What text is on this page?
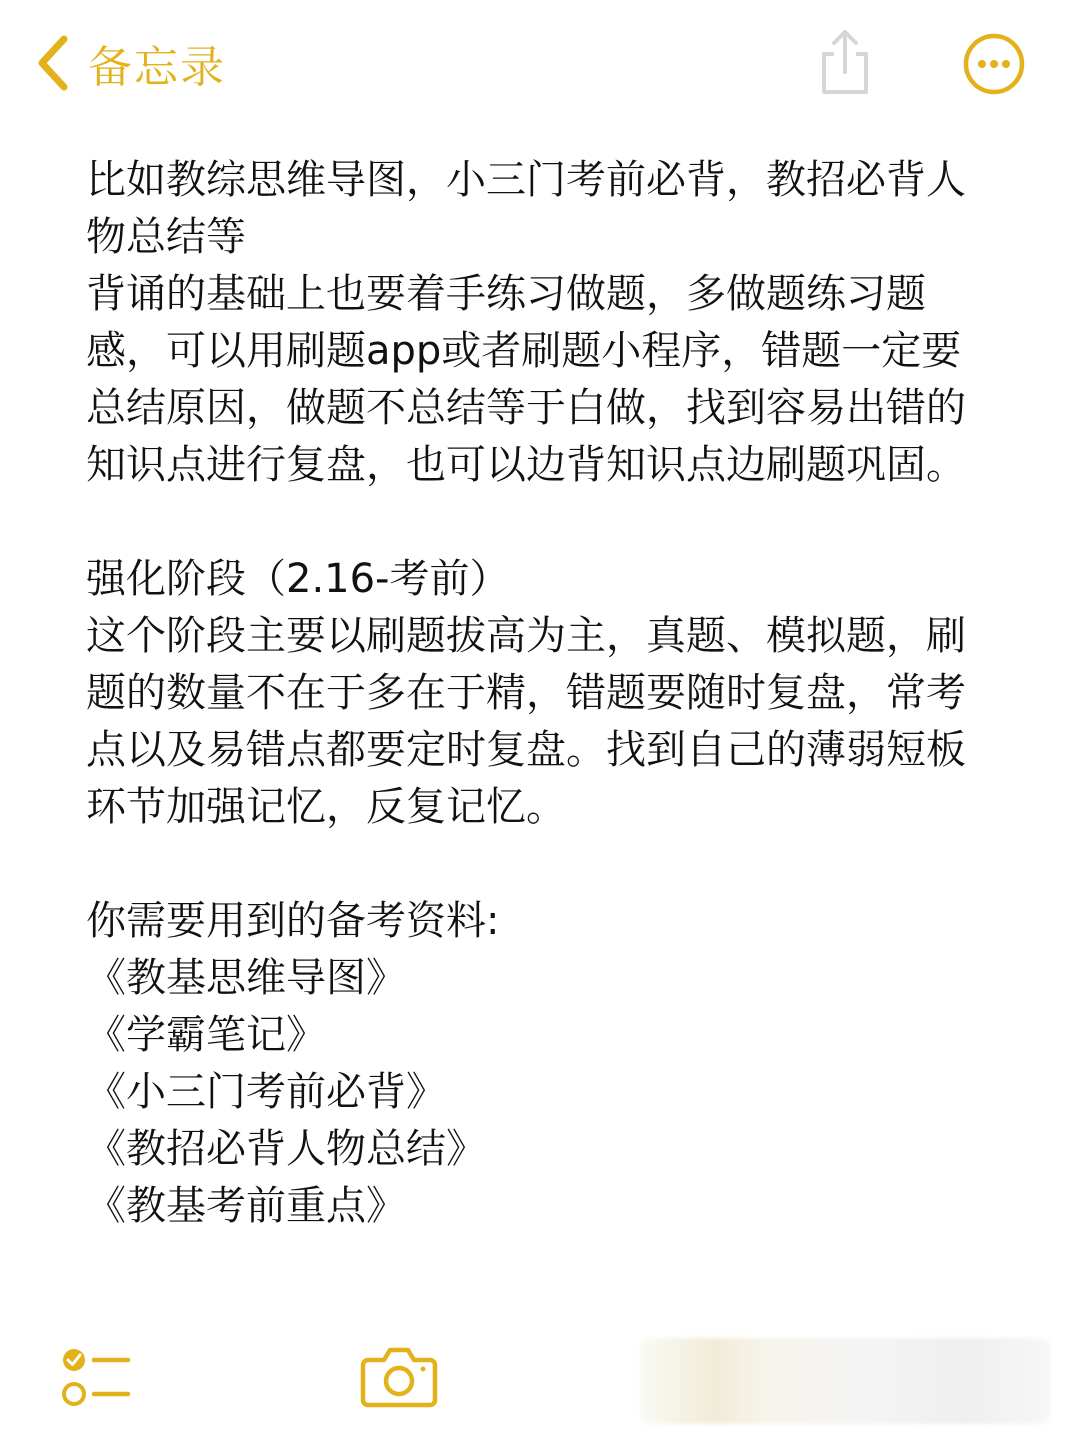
备忘录

比如教综思维导图，小三门考前必背，教招必背人物总结等

背诵的基础上也要着手练习做题，多做题练习题感，可以用刷题app或者刷题小程序，错题一定要总结原因，做题不总结等于白做，找到容易出错的知识点进行复盘，也可以边背知识点边刷题巩固。

强化阶段（2.16-考前）

这个阶段主要以刷题拔高为主，真题、模拟题，刷题的数量不在于多在于精，错题要随时复盘，常考点以及易错点都要定时复盘。找到自己的薄弱短板环节加强记忆，反复记忆。

你需要用到的备考资料:

《教基思维导图》

《学霸笔记》

《小三门考前必背》

《教招必背人物总结》

《教基考前重点》
